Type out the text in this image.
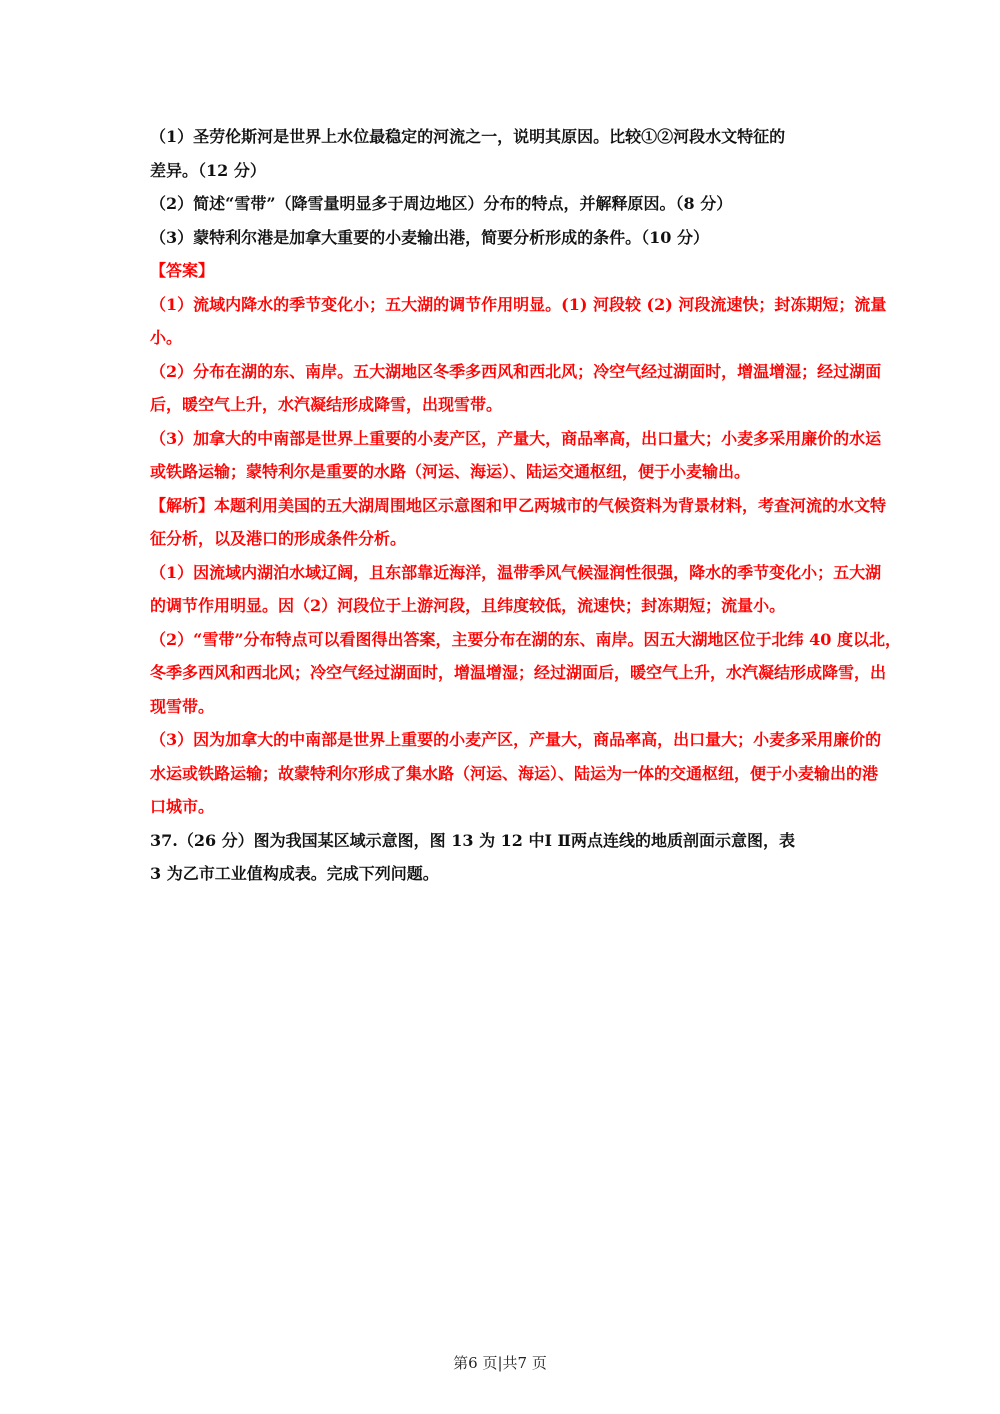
（1）圣劳伦斯河是世界上水位最稳定的河流之一，说明其原因。比较①②河段水文特征的
差异。（12 分）
（2）简述“雪带”（降雪量明显多于周边地区）分布的特点，并解释原因。（8 分）
（3）蒙特利尔港是加拿大重要的小麦输出港，简要分析形成的条件。（10 分）
【答案】
（1）流域内降水的季节变化小；五大湖的调节作用明显。(1) 河段较 (2) 河段流速快；封冻期短；流量
小。
（2）分布在湖的东、南岸。五大湖地区冬季多西风和西北风；冷空气经过湖面时，增温增湿；经过湖面
后，暖空气上升，水汽凝结形成降雪，出现雪带。
（3）加拿大的中南部是世界上重要的小麦产区，产量大，商品率高，出口量大；小麦多采用廉价的水运
或铁路运输；蒙特利尔是重要的水路（河运、海运）、陆运交通枢纽，便于小麦输出。
【解析】本题利用美国的五大湖周围地区示意图和甲乙两城市的气候资料为背景材料，考查河流的水文特
征分析，以及港口的形成条件分析。
（1）因流域内湖泊水域辽阔，且东部靠近海洋，温带季风气候湿润性很强，降水的季节变化小；五大湖
的调节作用明显。因（2）河段位于上游河段，且纬度较低，流速快；封冻期短；流量小。
（2）“雪带”分布特点可以看图得出答案，主要分布在湖的东、南岸。因五大湖地区位于北纬 40 度以北，
冬季多西风和西北风；冷空气经过湖面时，增温增湿；经过湖面后，暖空气上升，水汽凝结形成降雪，出
现雪带。
（3）因为加拿大的中南部是世界上重要的小麦产区，产量大，商品率高，出口量大；小麦多采用廉价的
水运或铁路运输；故蒙特利尔形成了集水路（河运、海运）、陆运为一体的交通枢纽，便于小麦输出的港
口城市。
37.（26 分）图为我国某区域示意图，图 13 为 12 中Ⅰ Ⅱ两点连线的地质剖面示意图，表
3 为乙市工业值构成表。完成下列问题。
第6 页|共7 页
